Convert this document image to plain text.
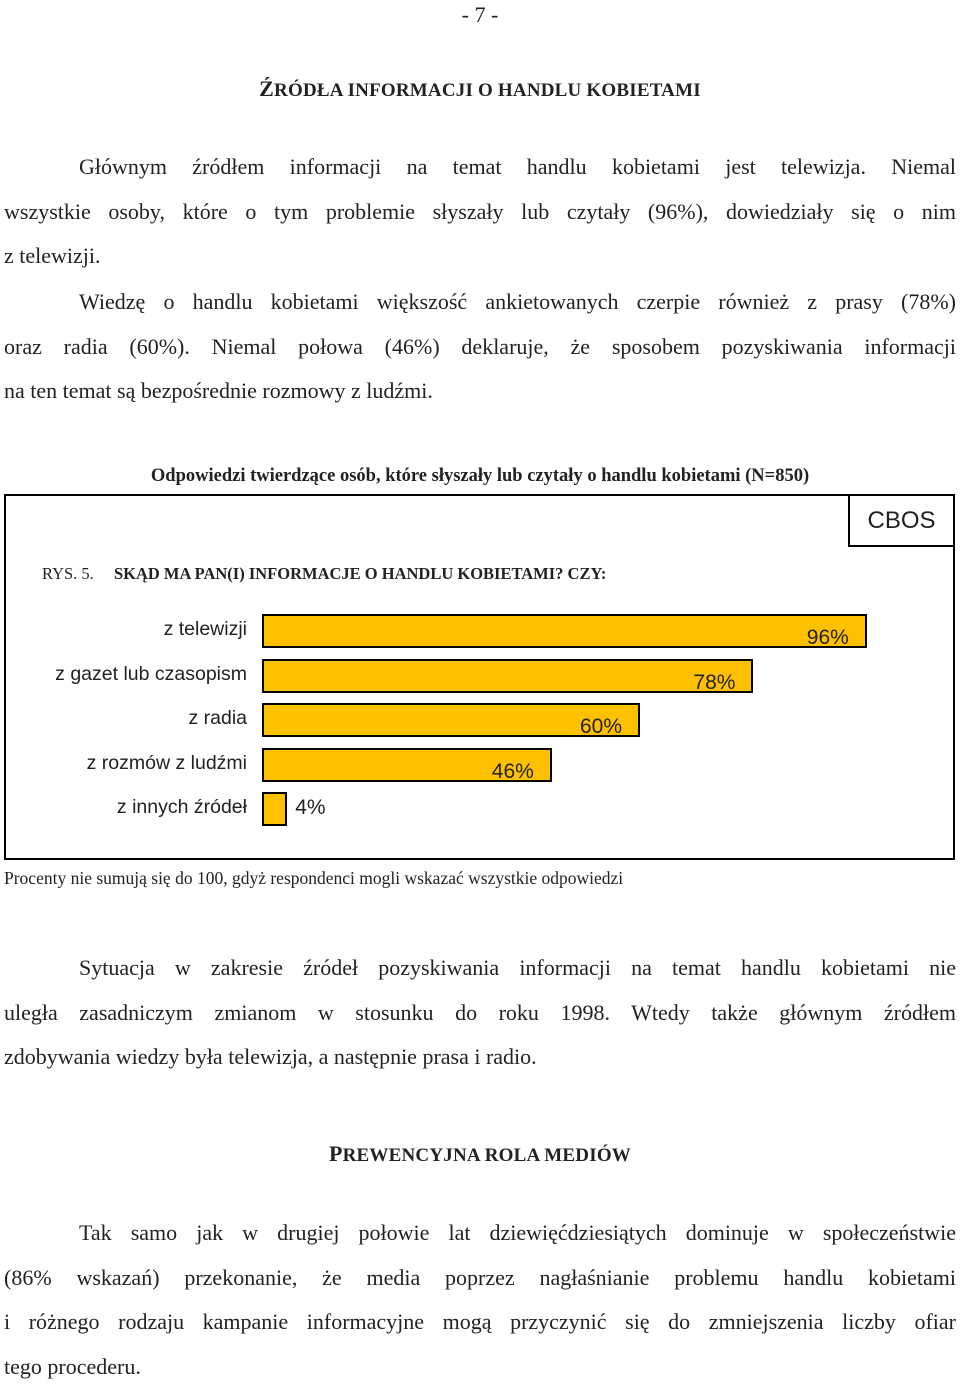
- 7 -
ŹRÓDŁA INFORMACJI O HANDLU KOBIETAMI
Głównym źródłem informacji na temat handlu kobietami jest telewizja. Niemal
wszystkie osoby, które o tym problemie słyszały lub czytały (96%), dowiedziały się o nim
z telewizji.
Wiedzę o handlu kobietami większość ankietowanych czerpie również z prasy (78%)
oraz radia (60%). Niemal połowa (46%) deklaruje, że sposobem pozyskiwania informacji
na ten temat są bezpośrednie rozmowy z ludźmi.
Odpowiedzi twierdzące osób, które słyszały lub czytały o handlu kobietami (N=850)
CBOS
RYS. 5. SKĄD MA PAN(I) INFORMACJE O HANDLU KOBIETAMI? CZY:
z telewizji	96%
z gazet lub czasopism	78%
z radia	60%
z rozmów z ludźmi	46%
z innych źródeł 4%
Procenty nie sumują się do 100, gdyż respondenci mogli wskazać wszystkie odpowiedzi
Sytuacja w zakresie źródeł pozyskiwania informacji na temat handlu kobietami nie
uległa zasadniczym zmianom w stosunku do roku 1998. Wtedy także głównym źródłem
zdobywania wiedzy była telewizja, a następnie prasa i radio.
PREWENCYJNA ROLA MEDIÓW
Tak samo jak w drugiej połowie lat dziewięćdziesiątych dominuje w społeczeństwie
(86% wskazań) przekonanie, że media poprzez nagłaśnianie problemu handlu kobietami
i różnego rodzaju kampanie informacyjne mogą przyczynić się do zmniejszenia liczby ofiar
tego procederu.
